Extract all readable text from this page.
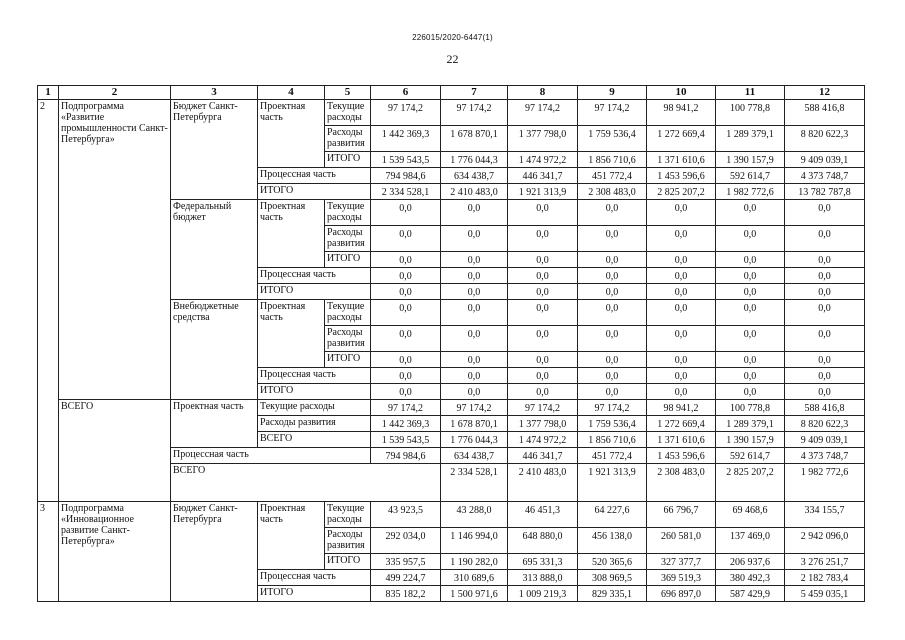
226015/2020-6447(1)
22
1	2	3	4	5	6	7	8	9	10	11	12	
2	Подпрограмма «Развитие промышленности Санкт-Петербурга»	Бюджет Санкт-Петербурга	Проектная часть	Текущие расходы	97 174,2	97 174,2	97 174,2	97 174,2	98 941,2	100 778,8	588 416,8	
				Расходы развития	1 442 369,3	1 678 870,1	1 377 798,0	1 759 536,4	1 272 669,4	1 289 379,1	8 820 622,3	
				ИТОГО	1 539 543,5	1 776 044,3	1 474 972,2	1 856 710,6	1 371 610,6	1 390 157,9	9 409 039,1	
			Процессная часть		794 984,6	634 438,7	446 341,7	451 772,4	1 453 596,6	592 614,7	4 373 748,7	
			ИТОГО		2 334 528,1	2 410 483,0	1 921 313,9	2 308 483,0	2 825 207,2	1 982 772,6	13 782 787,8	
		Федеральный бюджет	Проектная часть	Текущие расходы	0,0	0,0	0,0	0,0	0,0	0,0	0,0	
				Расходы развития	0,0	0,0	0,0	0,0	0,0	0,0	0,0	
				ИТОГО	0,0	0,0	0,0	0,0	0,0	0,0	0,0	
			Процессная часть		0,0	0,0	0,0	0,0	0,0	0,0	0,0	
			ИТОГО		0,0	0,0	0,0	0,0	0,0	0,0	0,0	
		Внебюджетные средства	Проектная часть	Текущие расходы	0,0	0,0	0,0	0,0	0,0	0,0	0,0	
				Расходы развития	0,0	0,0	0,0	0,0	0,0	0,0	0,0	
				ИТОГО	0,0	0,0	0,0	0,0	0,0	0,0	0,0	
			Процессная часть		0,0	0,0	0,0	0,0	0,0	0,0	0,0	
			ИТОГО		0,0	0,0	0,0	0,0	0,0	0,0	0,0	
	ВСЕГО	Проектная часть	Текущие расходы		97 174,2	97 174,2	97 174,2	97 174,2	98 941,2	100 778,8	588 416,8	
			Расходы развития		1 442 369,3	1 678 870,1	1 377 798,0	1 759 536,4	1 272 669,4	1 289 379,1	8 820 622,3	
			ВСЕГО		1 539 543,5	1 776 044,3	1 474 972,2	1 856 710,6	1 371 610,6	1 390 157,9	9 409 039,1	
		Процессная часть			794 984,6	634 438,7	446 341,7	451 772,4	1 453 596,6	592 614,7	4 373 748,7	
		ВСЕГО				2 334 528,1	2 410 483,0	1 921 313,9	2 308 483,0	2 825 207,2	1 982 772,6	
3	Подпрограмма «Инновационное развитие Санкт-Петербурга»	Бюджет Санкт-Петербурга	Проектная часть	Текущие расходы	43 923,5	43 288,0	46 451,3	64 227,6	66 796,7	69 468,6	334 155,7	
				Расходы развития	292 034,0	1 146 994,0	648 880,0	456 138,0	260 581,0	137 469,0	2 942 096,0	
				ИТОГО	335 957,5	1 190 282,0	695 331,3	520 365,6	327 377,7	206 937,6	3 276 251,7	
			Процессная часть		499 224,7	310 689,6	313 888,0	308 969,5	369 519,3	380 492,3	2 182 783,4	
			ИТОГО		835 182,2	1 500 971,6	1 009 219,3	829 335,1	696 897,0	587 429,9	5 459 035,1	
